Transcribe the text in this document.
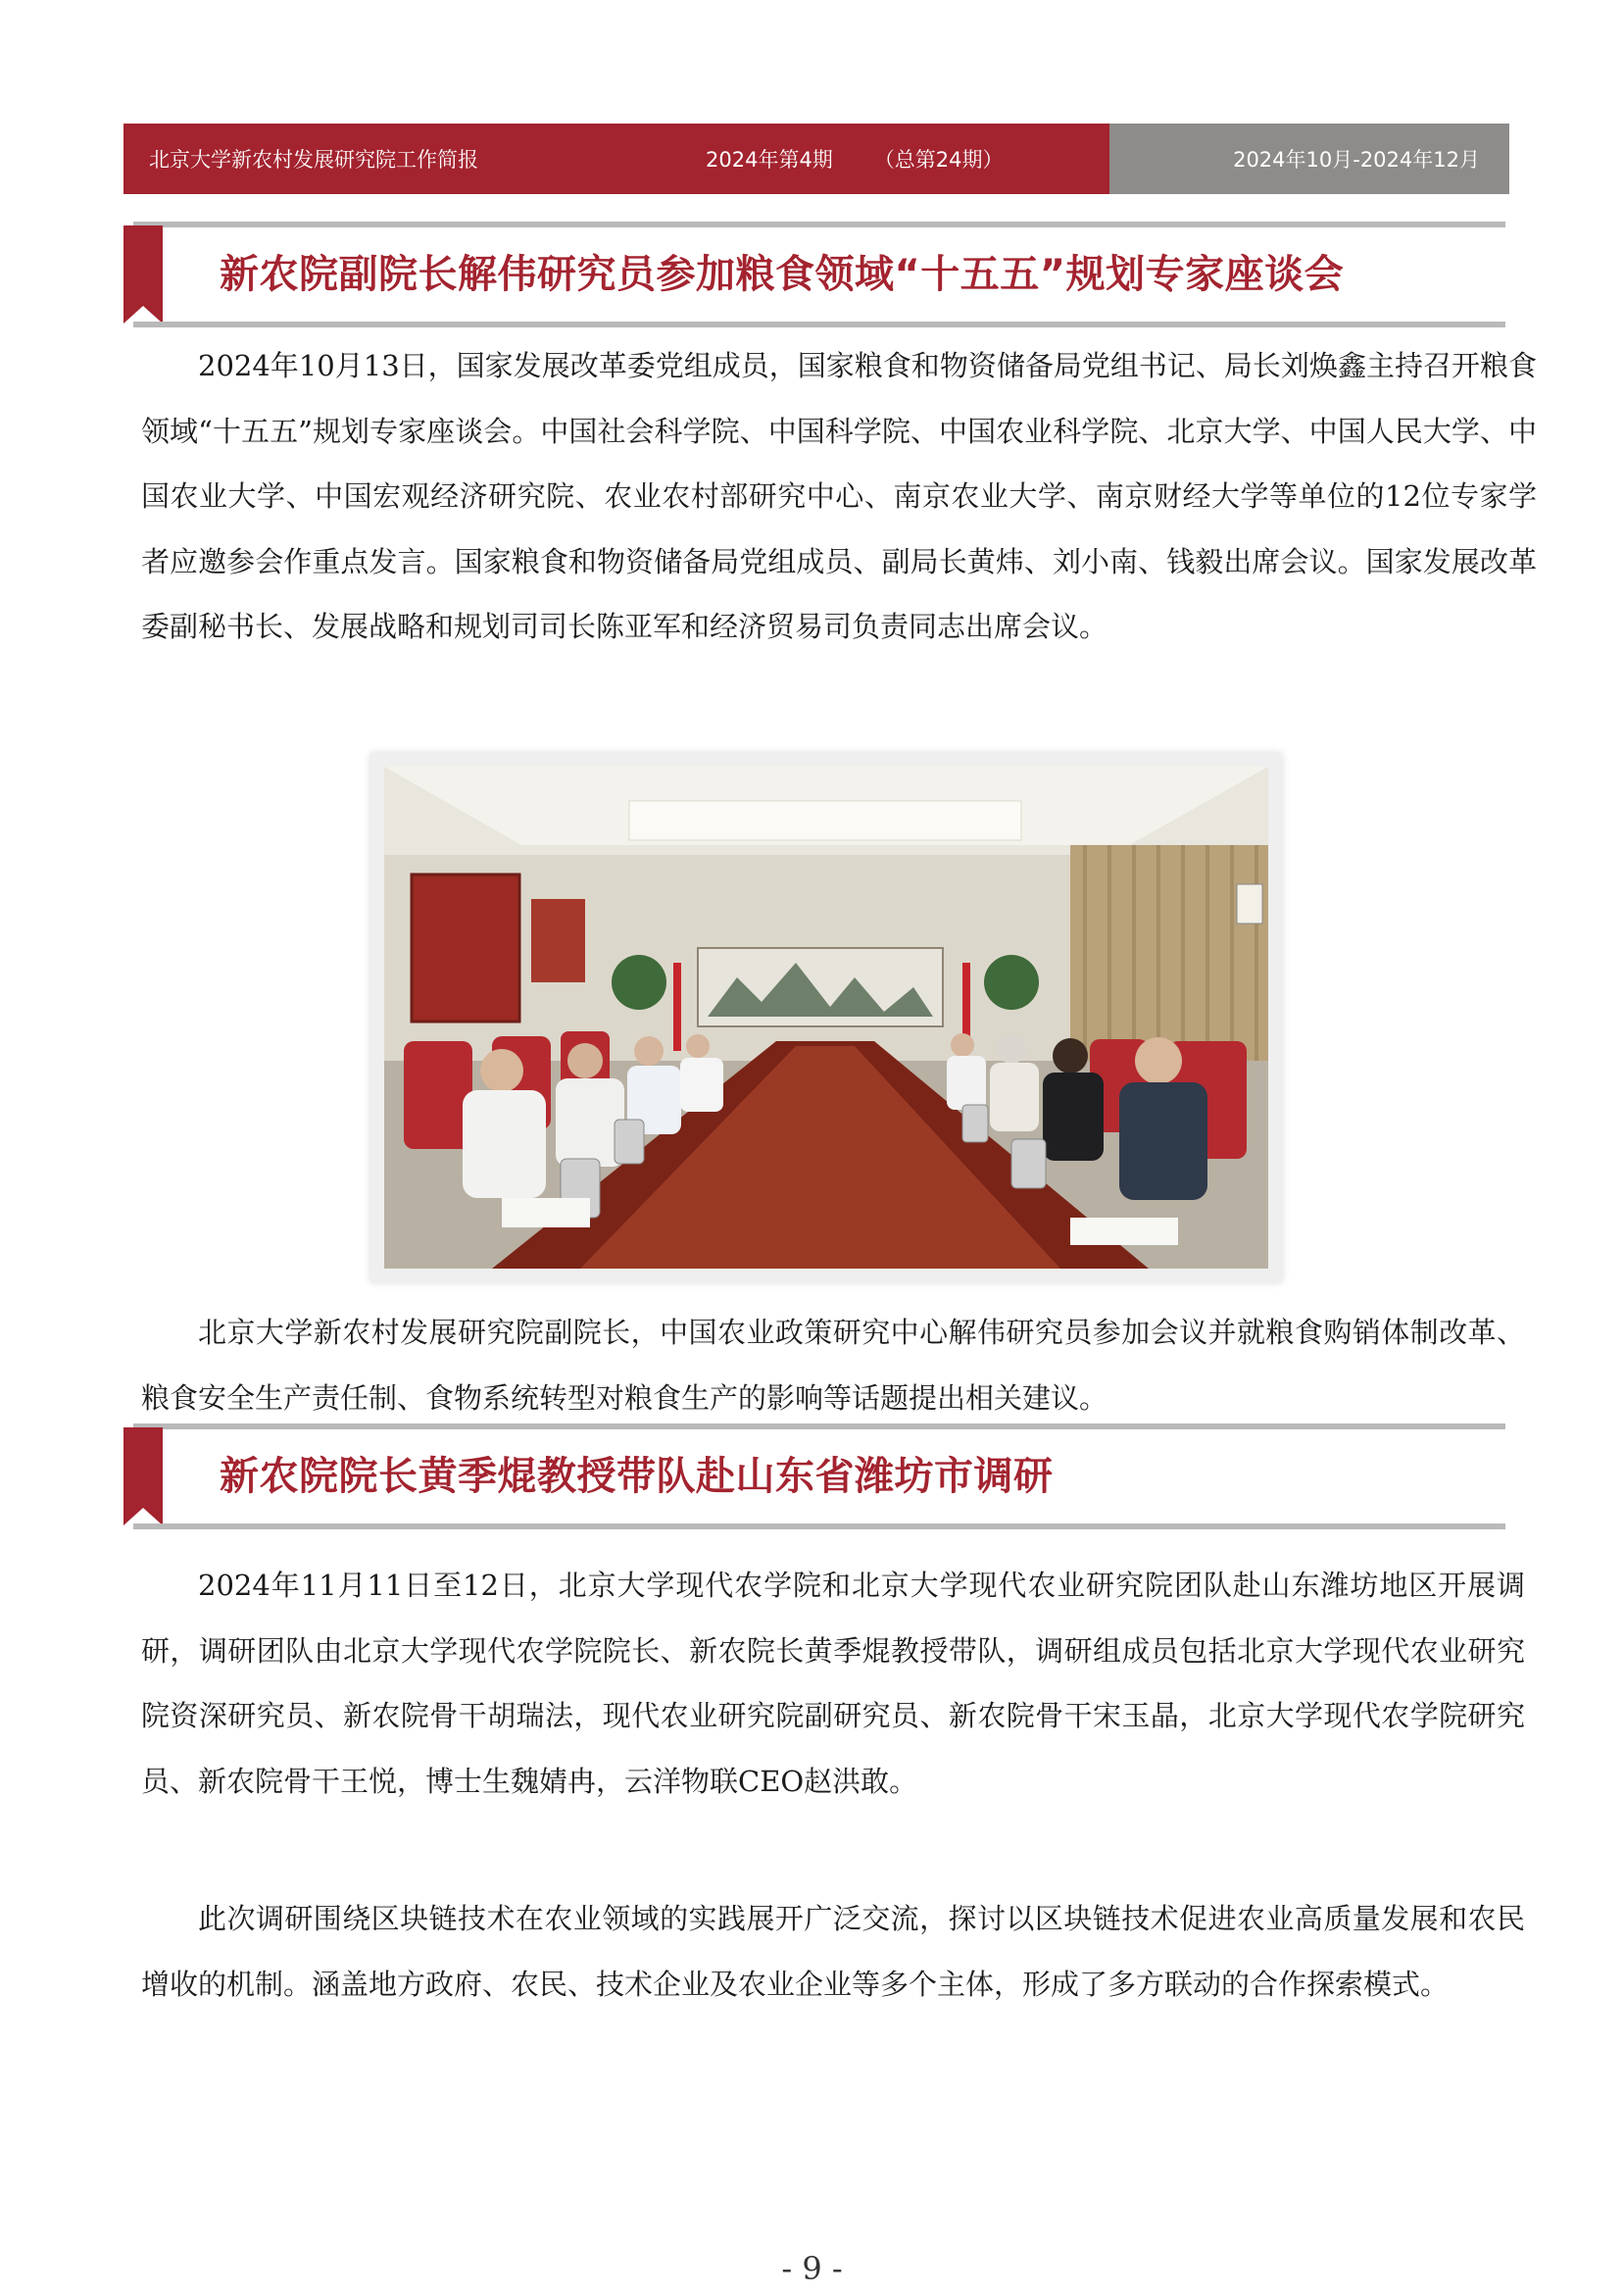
北京大学新农村发展研究院工作简报	2024年第4期 （总第24期）	2024年10月-2024年12月
新农院副院长解伟研究员参加粮食领域“十五五”规划专家座谈会

2024年10月13日，国家发展改革委党组成员，国家粮食和物资储备局党组书记、局长刘焕鑫主持召开粮食领域“十五五”规划专家座谈会。中国社会科学院、中国科学院、中国农业科学院、北京大学、中国人民大学、中国农业大学、中国宏观经济研究院、农业农村部研究中心、南京农业大学、南京财经大学等单位的12位专家学者应邀参会作重点发言。国家粮食和物资储备局党组成员、副局长黄炜、刘小南、钱毅出席会议。国家发展改革委副秘书长、发展战略和规划司司长陈亚军和经济贸易司负责同志出席会议。

北京大学新农村发展研究院副院长，中国农业政策研究中心解伟研究员参加会议并就粮食购销体制改革、粮食安全生产责任制、食物系统转型对粮食生产的影响等话题提出相关建议。

新农院院长黄季焜教授带队赴山东省潍坊市调研

2024年11月11日至12日，北京大学现代农学院和北京大学现代农业研究院团队赴山东潍坊地区开展调研，调研团队由北京大学现代农学院院长、新农院长黄季焜教授带队，调研组成员包括北京大学现代农业研究院资深研究员、新农院骨干胡瑞法，现代农业研究院副研究员、新农院骨干宋玉晶，北京大学现代农学院研究员、新农院骨干王悦，博士生魏婧冉，云洋物联CEO赵洪敢。

此次调研围绕区块链技术在农业领域的实践展开广泛交流，探讨以区块链技术促进农业高质量发展和农民增收的机制。涵盖地方政府、农民、技术企业及农业企业等多个主体，形成了多方联动的合作探索模式。

- 9 -
